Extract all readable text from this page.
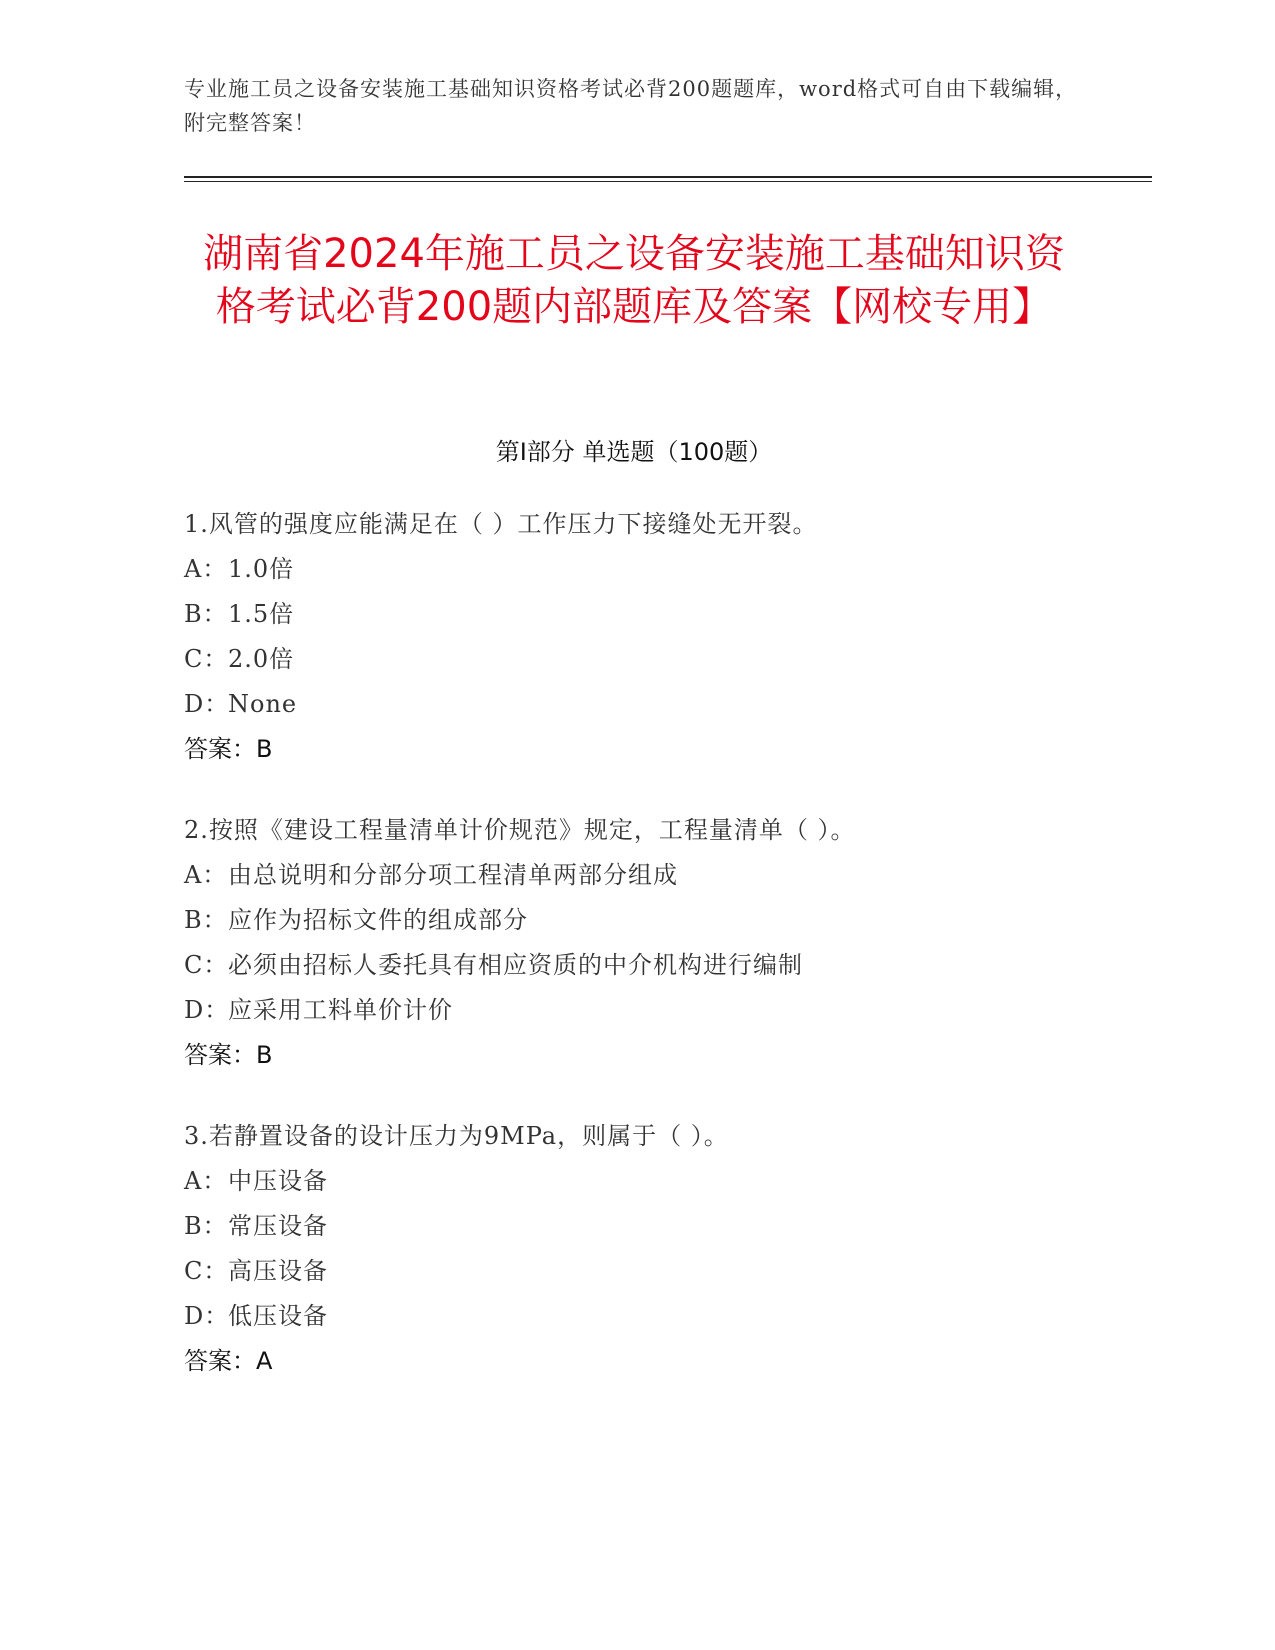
专业施工员之设备安装施工基础知识资格考试必背200题题库，word格式可自由下载编辑，附完整答案！
湖南省2024年施工员之设备安装施工基础知识资格考试必背200题内部题库及答案【网校专用】
第I部分 单选题（100题）
1.风管的强度应能满足在（ ）工作压力下接缝处无开裂。
A：1.0倍
B：1.5倍
C：2.0倍
D：None
答案：B
2.按照《建设工程量清单计价规范》规定，工程量清单（ ）。
A：由总说明和分部分项工程清单两部分组成
B：应作为招标文件的组成部分
C：必须由招标人委托具有相应资质的中介机构进行编制
D：应采用工料单价计价
答案：B
3.若静置设备的设计压力为9MPa，则属于（ ）。
A：中压设备
B：常压设备
C：高压设备
D：低压设备
答案：A
